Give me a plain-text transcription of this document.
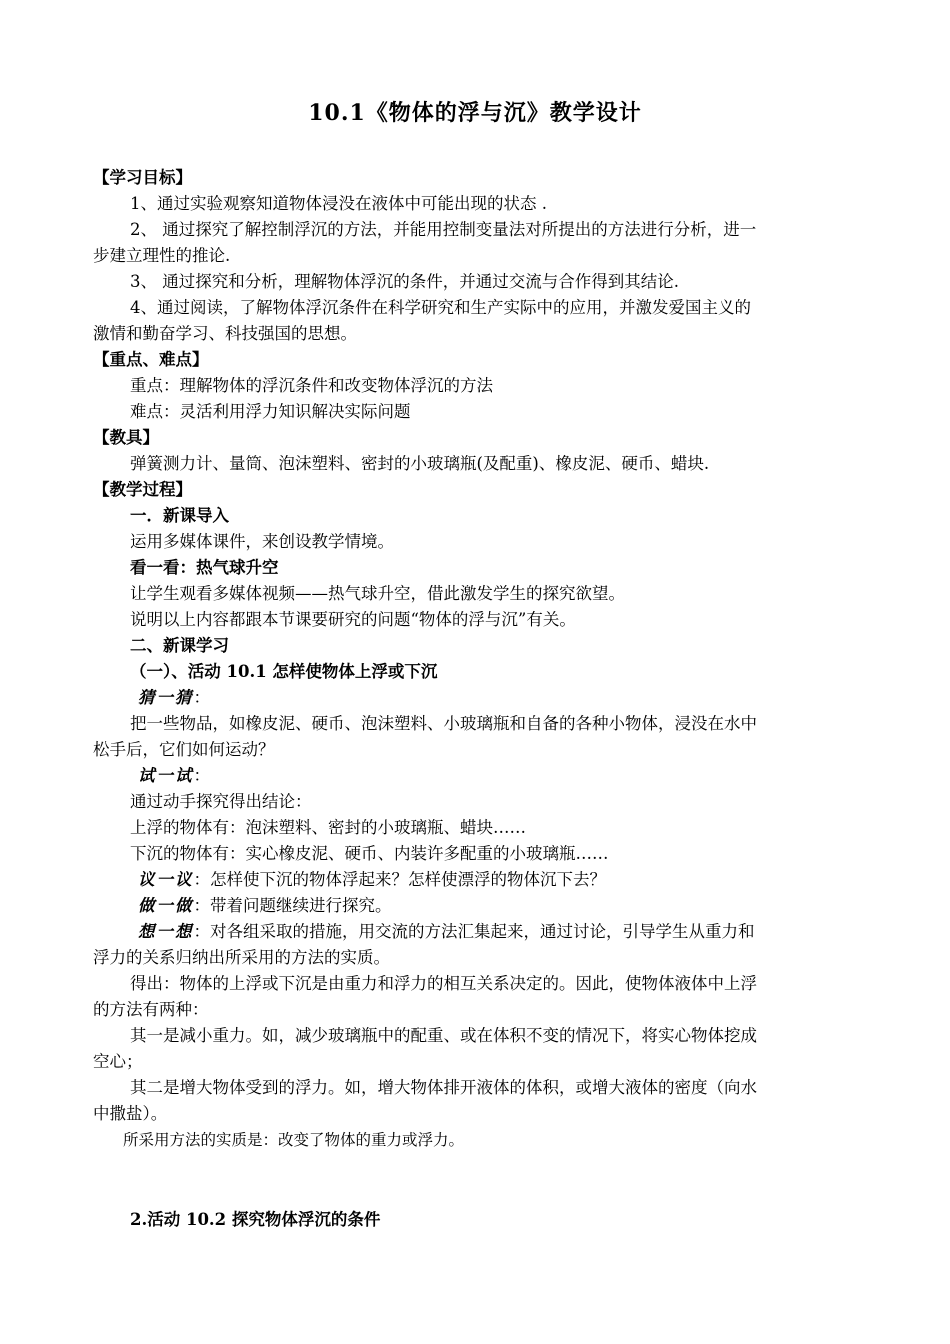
10.1《物体的浮与沉》教学设计
【学习目标】
1、通过实验观察知道物体浸没在液体中可能出现的状态 .
2、 通过探究了解控制浮沉的方法，并能用控制变量法对所提出的方法进行分析，进一
步建立理性的推论.
3、 通过探究和分析，理解物体浮沉的条件，并通过交流与合作得到其结论.
4、通过阅读，了解物体浮沉条件在科学研究和生产实际中的应用，并激发爱国主义的
激情和勤奋学习、科技强国的思想。
【重点、难点】
重点：理解物体的浮沉条件和改变物体浮沉的方法
难点：灵活利用浮力知识解决实际问题
【教具】
弹簧测力计、量筒、泡沫塑料、密封的小玻璃瓶(及配重)、橡皮泥、硬币、蜡块.
【教学过程】
一．新课导入
运用多媒体课件，来创设教学情境。
看一看：热气球升空
让学生观看多媒体视频——热气球升空，借此激发学生的探究欲望。
说明以上内容都跟本节课要研究的问题“物体的浮与沉”有关。
二、新课学习
（一）、活动 10.1 怎样使物体上浮或下沉
猜一猜：
把一些物品，如橡皮泥、硬币、泡沫塑料、小玻璃瓶和自备的各种小物体，浸没在水中
松手后，它们如何运动？
试一试：
通过动手探究得出结论：
上浮的物体有：泡沫塑料、密封的小玻璃瓶、蜡块……
下沉的物体有：实心橡皮泥、硬币、内装许多配重的小玻璃瓶……
议一议：怎样使下沉的物体浮起来？怎样使漂浮的物体沉下去？
做一做：带着问题继续进行探究。
想一想：对各组采取的措施，用交流的方法汇集起来，通过讨论，引导学生从重力和
浮力的关系归纳出所采用的方法的实质。
得出：物体的上浮或下沉是由重力和浮力的相互关系决定的。因此，使物体液体中上浮
的方法有两种：
其一是减小重力。如，减少玻璃瓶中的配重、或在体积不变的情况下，将实心物体挖成
空心；
其二是增大物体受到的浮力。如，增大物体排开液体的体积，或增大液体的密度（向水
中撒盐）。
所采用方法的实质是：改变了物体的重力或浮力。
2.活动 10.2 探究物体浮沉的条件
